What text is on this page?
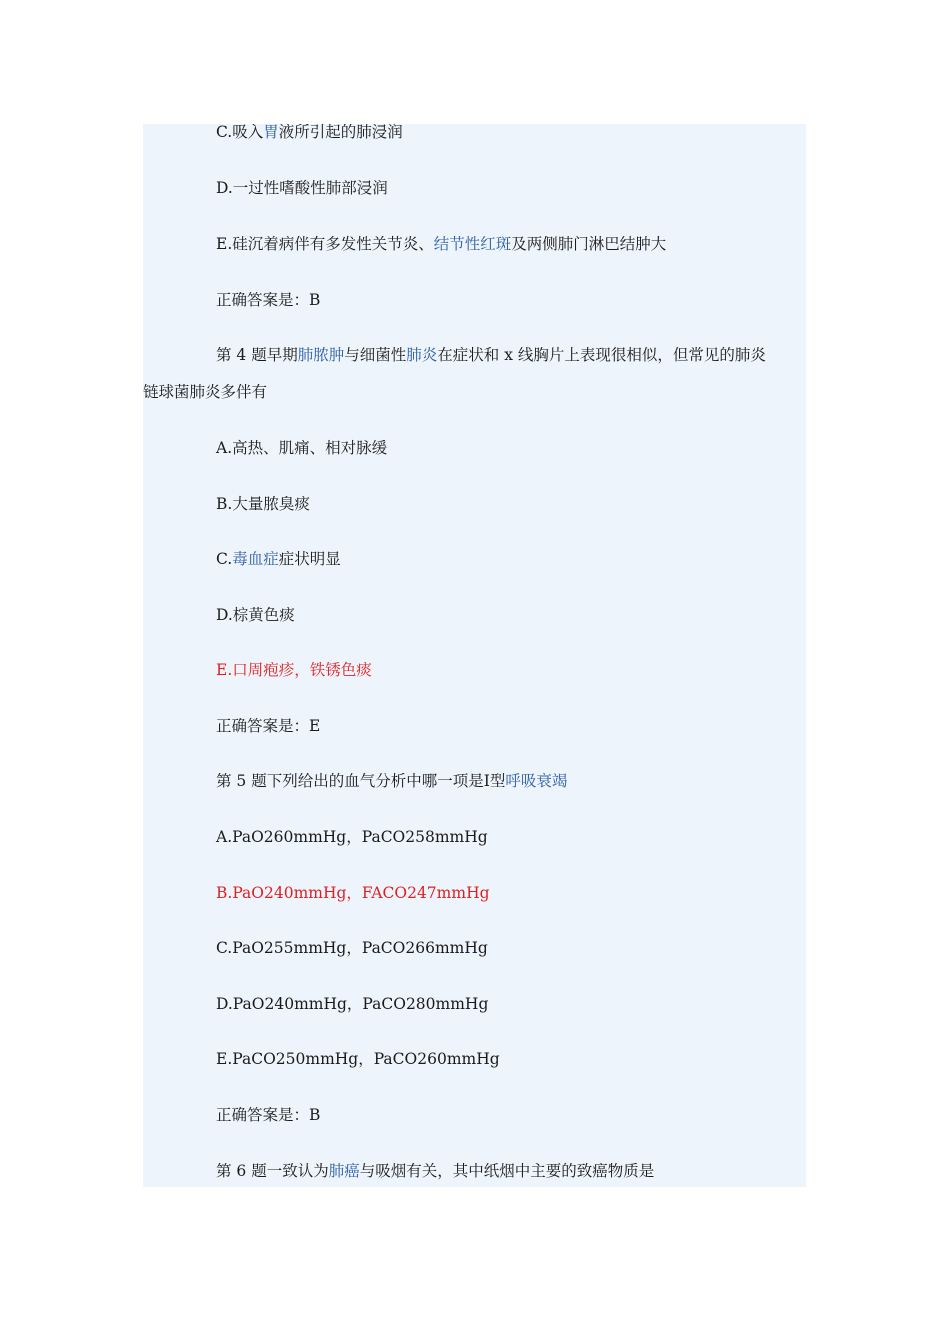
C.吸入胃液所引起的肺浸润
D.一过性嗜酸性肺部浸润
E.硅沉着病伴有多发性关节炎、结节性红斑及两侧肺门淋巴结肿大
正确答案是：B
第 4 题早期肺脓肿与细菌性肺炎在症状和 x 线胸片上表现很相似，但常见的肺炎
链球菌肺炎多伴有
A.高热、肌痛、相对脉缓
B.大量脓臭痰
C.毒血症症状明显
D.棕黄色痰
E.口周疱疹，铁锈色痰
正确答案是：E
第 5 题下列给出的血气分析中哪一项是Ⅰ型呼吸衰竭
A.PaO260mmHg，PaCO258mmHg
B.PaO240mmHg，FACO247mmHg
C.PaO255mmHg，PaCO266mmHg
D.PaO240mmHg，PaCO280mmHg
E.PaCO250mmHg，PaCO260mmHg
正确答案是：B
第 6 题一致认为肺癌与吸烟有关，其中纸烟中主要的致癌物质是
